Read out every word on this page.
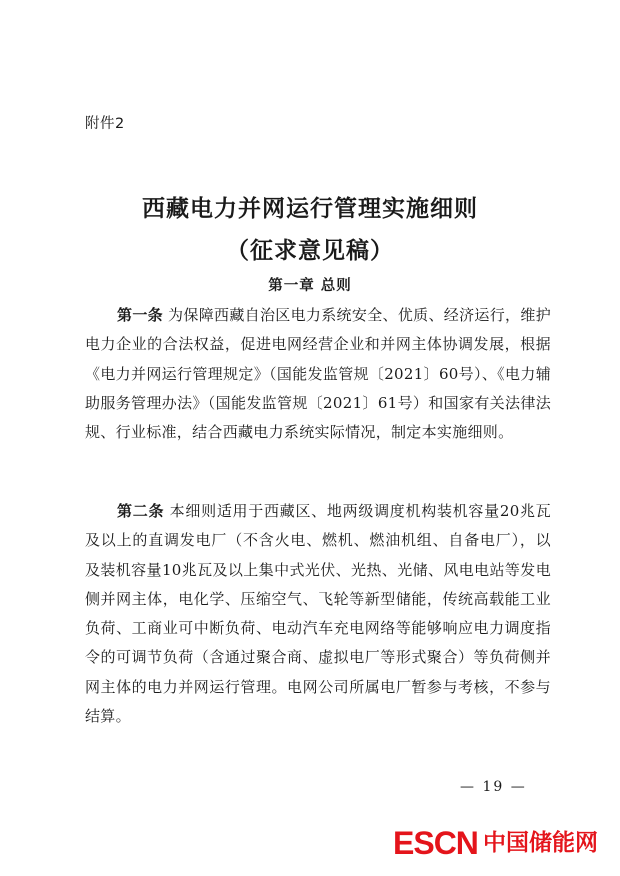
附件2
西藏电力并网运行管理实施细则
（征求意见稿）
第一章 总则
第一条 为保障西藏自治区电力系统安全、优质、经济运行，维护电力企业的合法权益，促进电网经营企业和并网主体协调发展，根据《电力并网运行管理规定》（国能发监管规〔2021〕60号）、《电力辅助服务管理办法》（国能发监管规〔2021〕61号）和国家有关法律法规、行业标准，结合西藏电力系统实际情况，制定本实施细则。
第二条 本细则适用于西藏区、地两级调度机构装机容量20兆瓦及以上的直调发电厂（不含火电、燃机、燃油机组、自备电厂），以及装机容量10兆瓦及以上集中式光伏、光热、光储、风电电站等发电侧并网主体，电化学、压缩空气、飞轮等新型储能，传统高载能工业负荷、工商业可中断负荷、电动汽车充电网络等能够响应电力调度指令的可调节负荷（含通过聚合商、虚拟电厂等形式聚合）等负荷侧并网主体的电力并网运行管理。电网公司所属电厂暂参与考核，不参与结算。
— 19 —
ESCN 中国储能网
